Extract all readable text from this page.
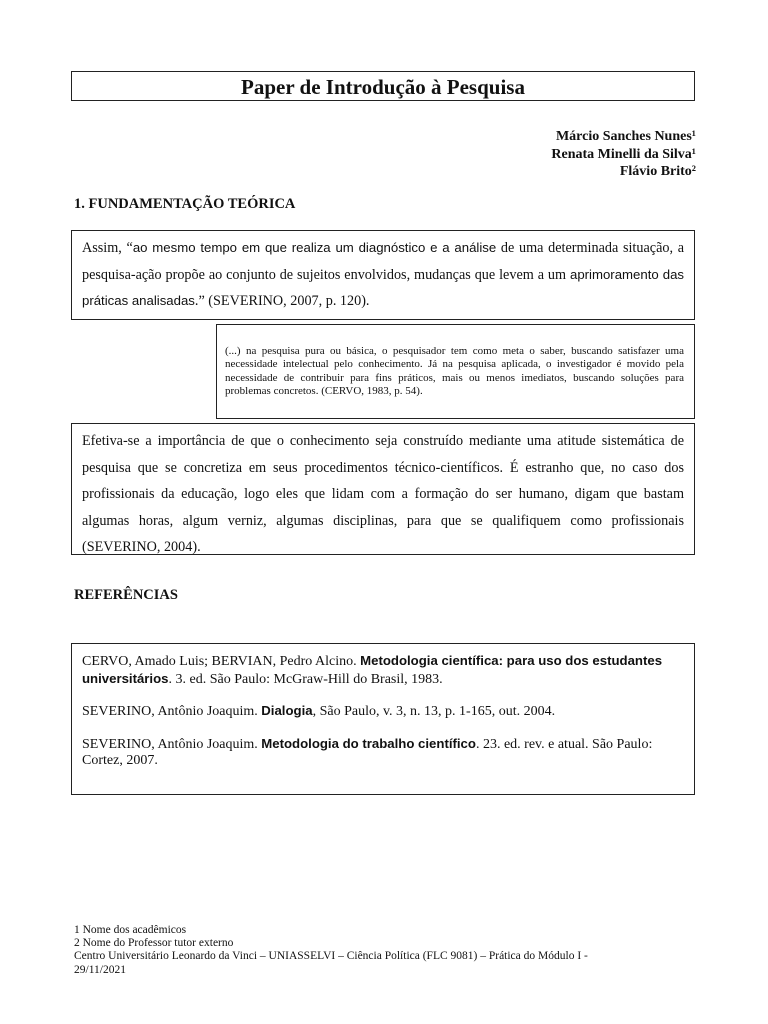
Paper de Introdução à Pesquisa
Márcio Sanches Nunes¹
Renata Minelli da Silva¹
Flávio Brito²
1. FUNDAMENTAÇÃO TEÓRICA
Assim, “ao mesmo tempo em que realiza um diagnóstico e a análise de uma determinada situação, a pesquisa-ação propõe ao conjunto de sujeitos envolvidos, mudanças que levem a um aprimoramento das práticas analisadas.” (SEVERINO, 2007, p. 120).
(...) na pesquisa pura ou básica, o pesquisador tem como meta o saber, buscando satisfazer uma necessidade intelectual pelo conhecimento. Já na pesquisa aplicada, o investigador é movido pela necessidade de contribuir para fins práticos, mais ou menos imediatos, buscando soluções para problemas concretos. (CERVO, 1983, p. 54).
Efetiva-se a importância de que o conhecimento seja construído mediante uma atitude sistemática de pesquisa que se concretiza em seus procedimentos técnico-científicos. É estranho que, no caso dos profissionais da educação, logo eles que lidam com a formação do ser humano, digam que bastam algumas horas, algum verniz, algumas disciplinas, para que se qualifiquem como profissionais (SEVERINO, 2004).
REFERÊNCIAS

CERVO, Amado Luis; BERVIAN, Pedro Alcino. Metodologia científica: para uso dos estudantes universitários. 3. ed. São Paulo: McGraw-Hill do Brasil, 1983.

SEVERINO, Antônio Joaquim. Dialogia, São Paulo, v. 3, n. 13, p. 1-165, out. 2004.

SEVERINO, Antônio Joaquim. Metodologia do trabalho científico. 23. ed. rev. e atual. São Paulo: Cortez, 2007.

1 Nome dos acadêmicos
2 Nome do Professor tutor externo
Centro Universitário Leonardo da Vinci – UNIASSELVI – Ciência Política (FLC 9081) – Prática do Módulo I -
29/11/2021
